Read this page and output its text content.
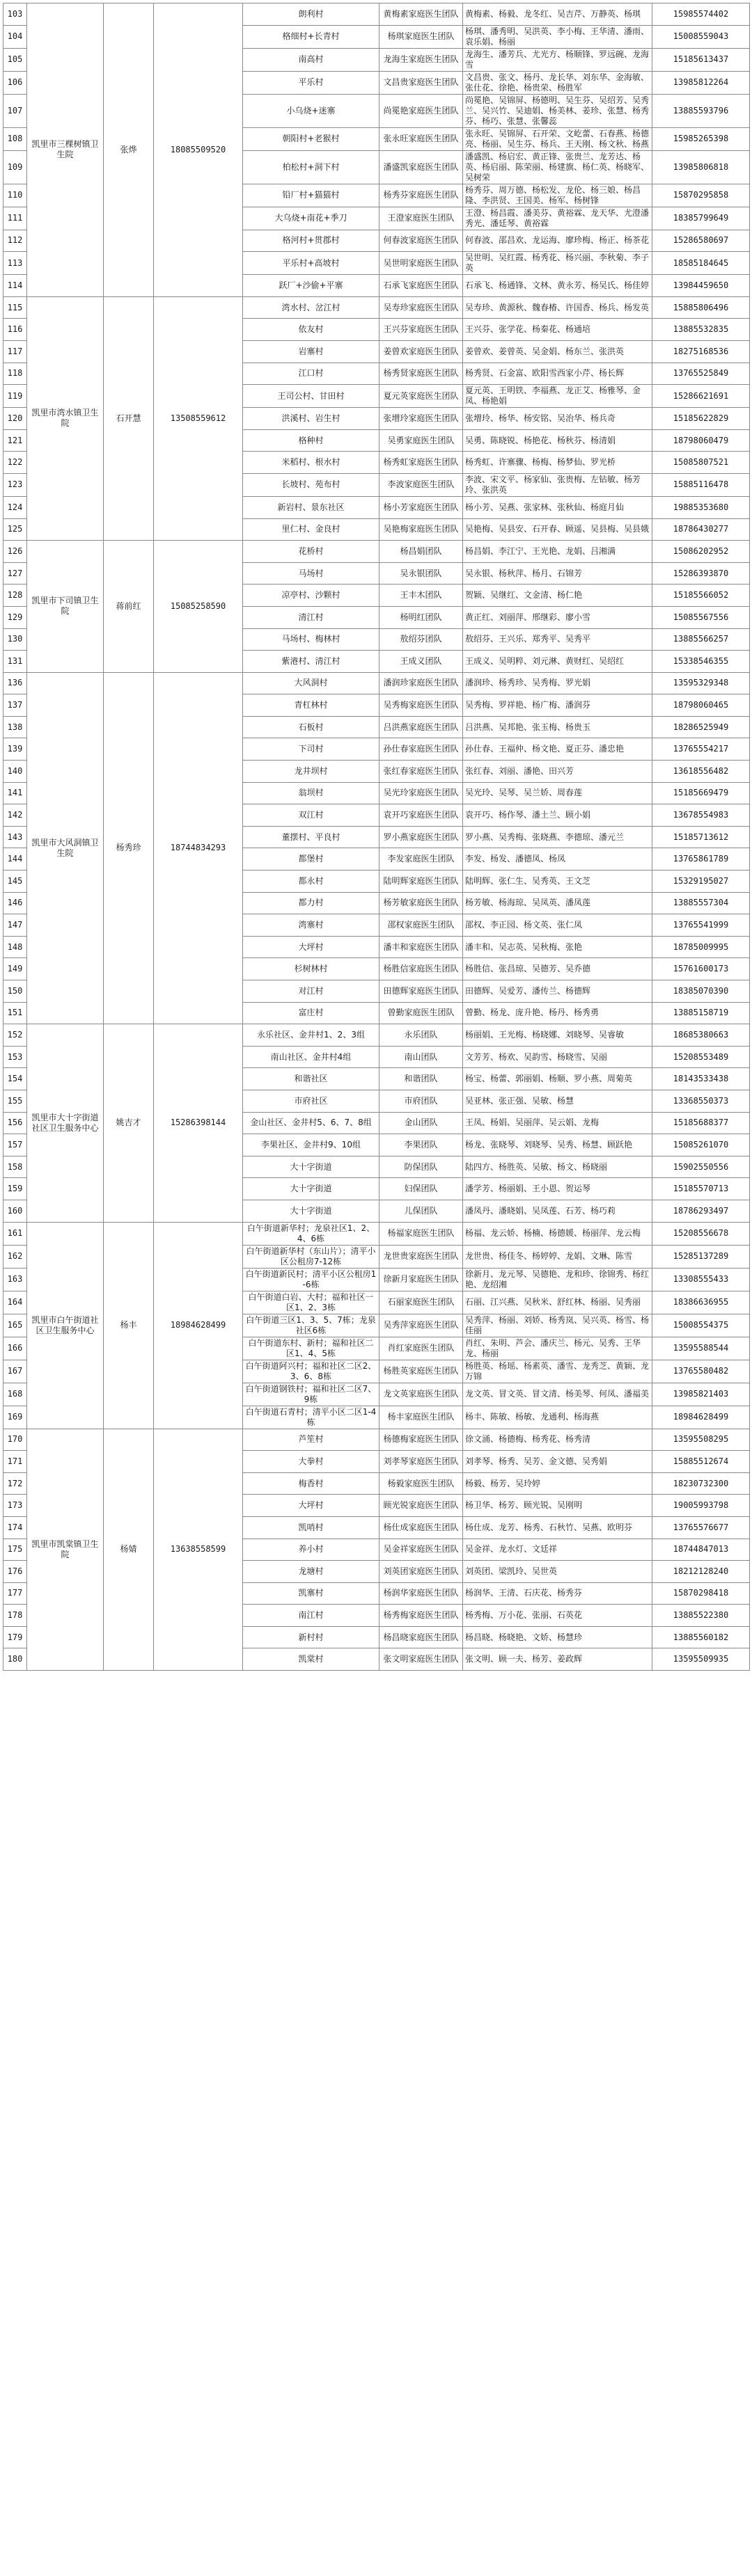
103	凯里市三棵树镇卫生院	张烨	18085509520	朗利村	黄梅素家庭医生团队	黄梅素、杨毅、龙冬红、吴吉芹、万静英、杨琪	15985574402
104				格细村+长青村	杨琪家庭医生团队	杨琪、潘秀明、吴洪英、李小梅、王华清、潘雨、袁乐娟、杨丽	15008559043
105				南高村	龙海生家庭医生团队	龙海生、潘芳兵、尤光方、杨顺锋、罗远碗、龙海雪	15185613437
106				平乐村	文昌贵家庭医生团队	文昌贵、张文、杨丹、龙长华、刘东华、金海敏、张仕花、徐艳、杨贵荣、杨胜军	13985812264
107				小乌烧+迷寨	尚冕艳家庭医生团队	尚冕艳、吴锦屏、杨德明、吴生芬、吴绍芳、吴秀兰、吴兴竹、吴迪娟、杨美林、姜珍、张慧、杨秀芬、杨巧、张慧、张馨蕊	13885593796
108				朝阳村+老猴村	张永旺家庭医生团队	张永旺、吴锦屏、石开荣、文屹蕾、石春燕、杨德亮、杨丽、吴生芬、杨兵、王天刚、杨文秋、杨燕	15985265398
109				柏松村+洞下村	潘盛凯家庭医生团队	潘盛凯、杨启宏、黄正锋、张贵兰、龙芳达、杨英、杨启丽、陈荣丽、杨建旗、杨仁英、杨晓军、吴树荣	13985806818
110				铅厂村+猫猫村	杨秀芬家庭医生团队	杨秀芬、周万德、杨松发、龙伦、杨三娘、杨昌隆、李洪贤、王国美、杨军、杨树锋	15870295858
111				大乌烧+南花+季刀	王澄家庭医生团队	王澄、杨昌霞、潘美芬、黄裕霖、龙天华、尤澄潘秀光、潘廷琴、黄裕霖	18385799649
112				格河村+贯郡村	何春波家庭医生团队	何春波、邵昌欢、龙运海、廖珍梅、杨正、杨茶花	15286580697
113				平乐村+高坡村	吴世明家庭医生团队	吴世明、吴红霞、杨秀花、杨兴丽、李秋菊、李子英	18585184645
114				跃厂+沙偷+平寨	石承飞家庭医生团队	石承飞、杨通锋、文林、黄永芳、杨吴氏、杨佳婷	13984459650
115	凯里市湾水镇卫生院	石开慧	13508559612	湾水村、岔江村	吴寿珍家庭医生团队	吴寿珍、黄源秋、魏春椿、许国香、杨兵、杨发英	15885806496
116				依友村	王兴芬家庭医生团队	王兴芬、张学花、杨秦花、杨通培	13885532835
117				岩寨村	姜曾欢家庭医生团队	姜曾欢、姜曾英、吴金娟、杨东兰、张洪英	18275168536
118				江口村	杨秀贤家庭医生团队	杨秀贤、石金富、欧阳雪西家小芹、杨长辉	13765525849
119				王司公村、甘田村	夏元英家庭医生团队	夏元英、王明铁、李福燕、龙正艾、杨雅琴、金凤、杨艳娟	15286621691
120				洪溪村、岩生村	张增玲家庭医生团队	张增玲、杨华、杨安铭、吴治华、杨兵奇	15185622829
121				格种村	吴勇家庭医生团队	吴勇、陈晓锐、杨艳花、杨秋芬、杨清娟	18798060479
122				米稻村、根水村	杨秀虹家庭医生团队	杨秀虹、许寨骤、杨梅、杨梦仙、罗光桥	15085807521
123				长坡村、苑布村	李波家庭医生团队	李波、宋文平、杨家仙、张贵梅、左钻敏、杨芳玲、张洪英	15885116478
124				新岩村、景东社区	杨小芳家庭医生团队	杨小芳、吴燕、张家林、张秋仙、杨庭月仙	19885353680
125				里仁村、金良村	吴艳梅家庭医生团队	吴艳梅、吴县安、石开春、顾遥、吴县梅、吴县娥	18786430277
126	凯里市下司镇卫生院	蒋前红	15085258590	花桥村	杨昌娟团队	杨昌娟、李江宁、王光艳、龙娟、吕湘满	15086202952
127				马场村	吴永银团队	吴永银、杨秋萍、杨月、石锦芳	15286393870
128				凉亭村、沙颗村	王丰木团队	贺颖、吴继红、文金清、杨仁艳	15185566052
129				清江村	杨明红团队	黄正红、刘丽萍、邢继彩、廖小雪	15085567556
130				马场村、梅林村	敖绍芬团队	敖绍芬、王兴乐、郑秀平、吴秀平	13885566257
131				紫港村、清江村	王成义团队	王成义、吴明粹、刘元淋、黄财红、吴绍红	15338546355
136	凯里市大风洞镇卫生院	杨秀珍	18744834293	大风洞村	潘润珍家庭医生团队	潘润珍、杨秀珍、吴秀梅、罗光娟	13595329348
137				青杠林村	吴秀梅家庭医生团队	吴秀梅、罗祥艳、杨广梅、潘润芬	18798060465
138				石板村	吕洪燕家庭医生团队	吕洪燕、吴邦艳、张玉梅、杨贵玉	18286525949
139				下司村	孙仕春家庭医生团队	孙仕春、王福仲、杨文艳、夏正芬、潘忠艳	13765554217
140				龙井坝村	张红春家庭医生团队	张红春、刘丽、潘艳、田兴芳	13618556482
141				翁坝村	吴光玲家庭医生团队	吴光玲、吴琴、吴兰娇、周春莲	15185669479
142				双江村	袁开巧家庭医生团队	袁开巧、杨作琴、潘土兰、顾小娟	13678554983
143				董摆村、平良村	罗小燕家庭医生团队	罗小燕、吴秀梅、张晓燕、李德琼、潘元兰	15185713612
144				都堡村	李发家庭医生团队	李发、杨发、潘德凤、杨凤	13765861789
145				都永村	陆明辉家庭医生团队	陆明辉、张仁生、吴秀英、王文芝	15329195027
146				都力村	杨芳敏家庭医生团队	杨芳敏、杨海琼、吴凤英、潘凤莲	13885557304
147				湾寨村	邵权家庭医生团队	邵权、李正园、杨文英、张仁凤	13765541999
148				大坪村	潘丰和家庭医生团队	潘丰和、吴志英、吴秋梅、张艳	18785009995
149				杉树林村	杨胜信家庭医生团队	杨胜信、张昌琼、吴德芳、吴乔德	15761600173
150				对江村	田德辉家庭医生团队	田德辉、吴爱芳、潘传兰、杨德辉	18385070390
151				富庄村	曾勤家庭医生团队	曾勤、杨龙、庞升艳、杨丹、杨秀勇	13885158719
152	凯里市大十字街道社区卫生服务中心	姚吉才	15286398144	永乐社区、金井村1、2、3组	永乐团队	杨丽娟、王光梅、杨晓娜、刘晓琴、吴睿敏	18685380663
153				南山社区、金井村4组	南山团队	文芳芳、杨欢、吴韵雪、杨晓雪、吴丽	15208553489
154				和谐社区	和谐团队	杨宝、杨蕾、郭丽娟、杨顺、罗小燕、周菊英	18143533438
155				市府社区	市府团队	吴亚林、张正强、吴敏、杨慧	13368550373
156				金山社区、金井村5、6、7、8组	金山团队	王凤、杨娟、吴丽萍、吴云娟、龙梅	15185688377
157				李果社区、金井村9、10组	李果团队	杨龙、张晓琴、刘晓琴、吴秀、杨慧、顾跃艳	15085261070
158				大十字街道	防保团队	陆四方、杨胜英、吴敏、杨文、杨晓丽	15902550556
159				大十字街道	妇保团队	潘学芳、杨丽娟、王小恩、贺运琴	15185570713
160				大十字街道	儿保团队	潘凤丹、潘晓娟、吴凤莲、石芳、杨巧莉	18786293497
161	凯里市白午街道社区卫生服务中心	杨丰	18984628499	白午街道新华村；龙泉社区1、2、4、6栋	杨福家庭医生团队	杨福、龙云娇、杨楠、杨德媛、杨丽萍、龙云梅	15208556678
162				白午街道新华村（东山片）；清平小区公租房7-12栋	龙世贵家庭医生团队	龙世贵、杨佳冬、杨婷婷、龙娟、文琳、陈雪	15285137289
163				白午街道新民村；清平小区公租房1-6栋	徐新月家庭医生团队	徐新月、龙元琴、吴德艳、龙和珍、徐锦秀、杨红艳、龙绍湘	13308555433
164				白午街道白岩、大村；福和社区一区1、2、3栋	石丽家庭医生团队	石丽、江兴燕、吴秋米、舒红林、杨丽、吴秀丽	18386636955
165				白午街道三区1、3、5、7栋；龙泉社区6栋	吴秀萍家庭医生团队	吴秀萍、杨丽、刘娇、杨秀岚、吴兴英、杨雪、杨佳丽	15008554375
166				白午街道东村、新村；福和社区二区1、4、5栋	肖红家庭医生团队	肖红、朱明、芦会、潘庆兰、杨元、吴秀、王华龙、杨丽	13595588544
167				白午街道阿兴村；福和社区二区2、3、6、8栋	杨胜英家庭医生团队	杨胜英、杨瑶、杨素英、潘雪、龙秀芝、黄颖、龙万锦	13765580482
168				白午街道钢铁村；福和社区二区7、9栋	龙文英家庭医生团队	龙文英、冒文英、冒文清、杨美琴、何凤、潘福美	13985821403
169				白午街道石青村；清平小区二区1-4栋	杨丰家庭医生团队	杨丰、陈敏、杨敏、龙通利、杨海燕	18984628499
170	凯里市凯棠镇卫生院	杨婧	13638558599	芦笙村	杨德梅家庭医生团队	徐文涌、杨德梅、杨秀花、杨秀清	13595508295
171				大拳村	刘孝琴家庭医生团队	刘孝琴、杨秀、吴芳、金文德、吴秀娟	15885512674
172				梅香村	杨毅家庭医生团队	杨毅、杨芳、吴玲婷	18230732300
173				大坪村	顾光锐家庭医生团队	杨卫华、杨芳、顾光锐、吴刚明	19005993798
174				凯哨村	杨仕成家庭医生团队	杨仕成、龙芳、杨秀、石秋竹、吴燕、欧明芬	13765576677
175				养小村	吴金祥家庭医生团队	吴金祥、龙水灯、文廷祥	18744847013
176				龙塘村	刘英团家庭医生团队	刘英团、梁凯玲、吴世英	18212128240
177				凯寨村	杨润华家庭医生团队	杨润华、王清、石庆花、杨秀芬	15870298418
178				南江村	杨秀梅家庭医生团队	杨秀梅、万小花、张丽、石英花	13885522380
179				新村村	杨昌晓家庭医生团队	杨昌晓、杨晓艳、文娇、杨慧珍	13885560182
180				凯棠村	张文明家庭医生团队	张文明、顾一夫、杨芳、姜政辉	13595509935
